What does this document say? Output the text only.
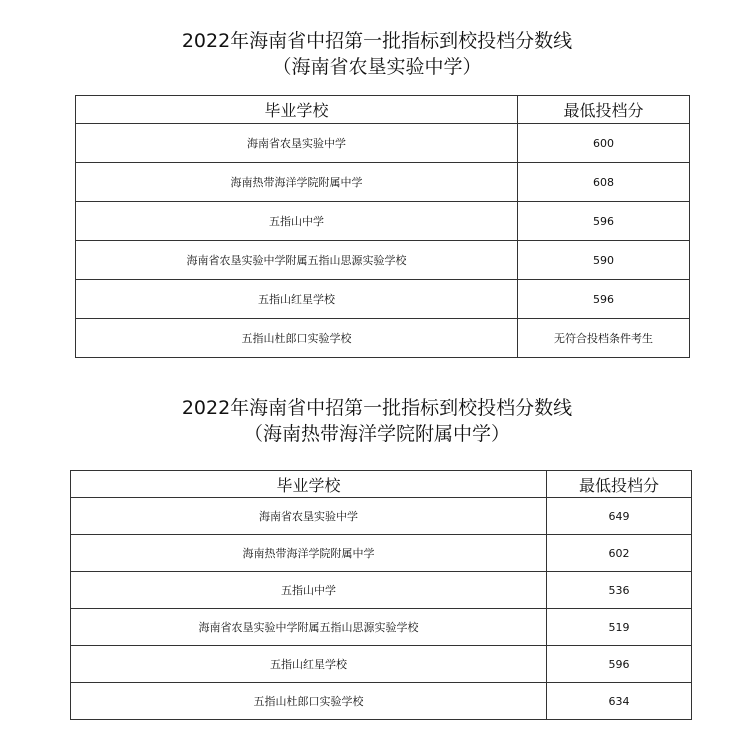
2022年海南省中招第一批指标到校投档分数线
（海南省农垦实验中学）
毕业学校	最低投档分
海南省农垦实验中学	600
海南热带海洋学院附属中学	608
五指山中学	596
海南省农垦实验中学附属五指山思源实验学校	590
五指山红星学校	596
五指山杜郎口实验学校	无符合投档条件考生
2022年海南省中招第一批指标到校投档分数线
（海南热带海洋学院附属中学）
毕业学校	最低投档分
海南省农垦实验中学	649
海南热带海洋学院附属中学	602
五指山中学	536
海南省农垦实验中学附属五指山思源实验学校	519
五指山红星学校	596
五指山杜郎口实验学校	634
